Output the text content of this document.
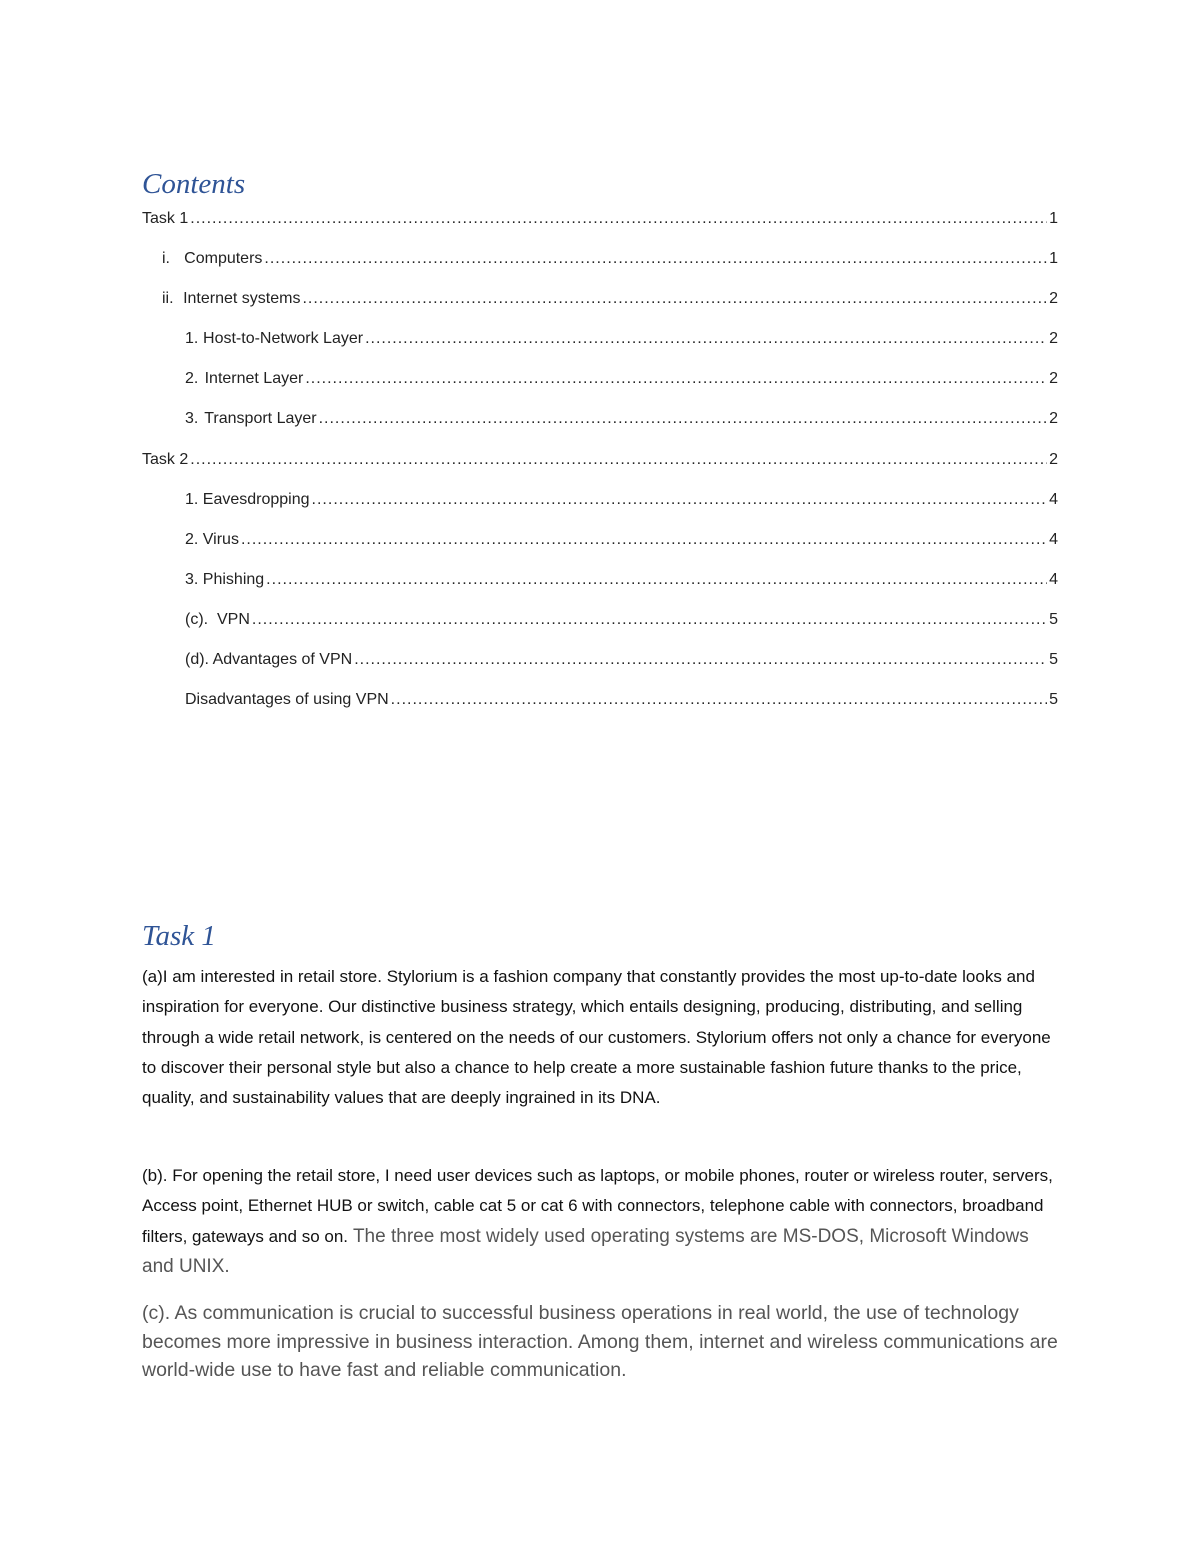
Contents
Task 1 .....	1
i. Computers .....	1
ii. Internet systems .....	2
1. Host-to-Network Layer .....	2
2. Internet Layer .....	2
3. Transport Layer .....	2
Task 2 .....	2
1. Eavesdropping .....	4
2. Virus .....	4
3. Phishing .....	4
(c).  VPN .....	5
(d). Advantages of VPN .....	5
Disadvantages of using VPN .....	5
Task 1

(a)I am interested in retail store. Stylorium is a fashion company that constantly provides the most up-to-date looks and inspiration for everyone. Our distinctive business strategy, which entails designing, producing, distributing, and selling through a wide retail network, is centered on the needs of our customers. Stylorium offers not only a chance for everyone to discover their personal style but also a chance to help create a more sustainable fashion future thanks to the price, quality, and sustainability values that are deeply ingrained in its DNA.

(b). For opening the retail store, I need user devices such as laptops, or mobile phones, router or wireless router, servers, Access point, Ethernet HUB or switch, cable cat 5 or cat 6 with connectors, telephone cable with connectors, broadband filters, gateways and so on. The three most widely used operating systems are MS-DOS, Microsoft Windows and UNIX.

(c). As communication is crucial to successful business operations in real world, the use of technology becomes more impressive in business interaction. Among them, internet and wireless communications are world-wide use to have fast and reliable communication.
